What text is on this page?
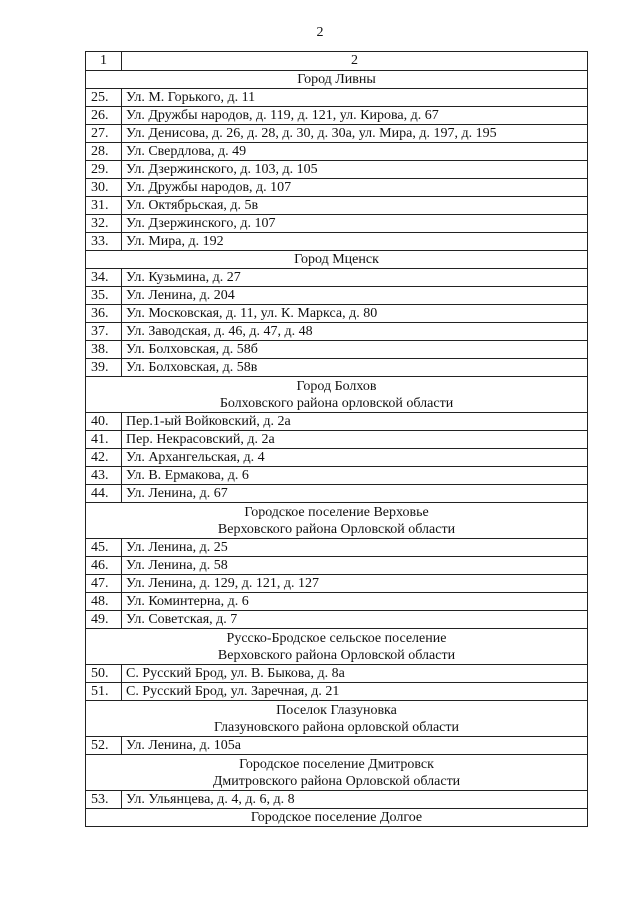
2
1	2

Город Ливны	

25.	Ул. М. Горького, д. 11
26.	Ул. Дружбы народов, д. 119, д. 121, ул. Кирова, д. 67
27.	Ул. Денисова, д. 26, д. 28, д. 30, д. 30а, ул. Мира, д. 197, д. 195
28.	Ул. Свердлова, д. 49
29.	Ул. Дзержинского, д. 103, д. 105
30.	Ул. Дружбы народов, д. 107
31.	Ул. Октябрьская, д. 5в
32.	Ул. Дзержинского, д. 107
33.	Ул. Мира, д. 192

Город Мценск	

34.	Ул. Кузьмина, д. 27
35.	Ул. Ленина, д. 204
36.	Ул. Московская, д. 11, ул. К. Маркса, д. 80
37.	Ул. Заводская, д. 46, д. 47, д. 48
38.	Ул. Болховская, д. 58б
39.	Ул. Болховская, д. 58в

Город Болхов
Болховского района орловской области	

40.	Пер.1-ый Войковский, д. 2а
41.	Пер. Некрасовский, д. 2а
42.	Ул. Архангельская, д. 4
43.	Ул. В. Ермакова, д. 6
44.	Ул. Ленина, д. 67

Городское поселение Верховье
Верховского района Орловской области	

45.	Ул. Ленина, д. 25
46.	Ул. Ленина, д. 58
47.	Ул. Ленина, д. 129, д. 121, д. 127
48.	Ул. Коминтерна, д. 6
49.	Ул. Советская, д. 7

Русско-Бродское сельское поселение
Верховского района Орловской области	

50.	С. Русский Брод, ул. В. Быкова, д. 8а
51.	С. Русский Брод, ул. Заречная, д. 21

Поселок Глазуновка
Глазуновского района орловской области	

52.	Ул. Ленина, д. 105а

Городское поселение Дмитровск
Дмитровского района Орловской области	

53.	Ул. Ульянцева, д. 4, д. 6, д. 8

Городское поселение Долгое	
